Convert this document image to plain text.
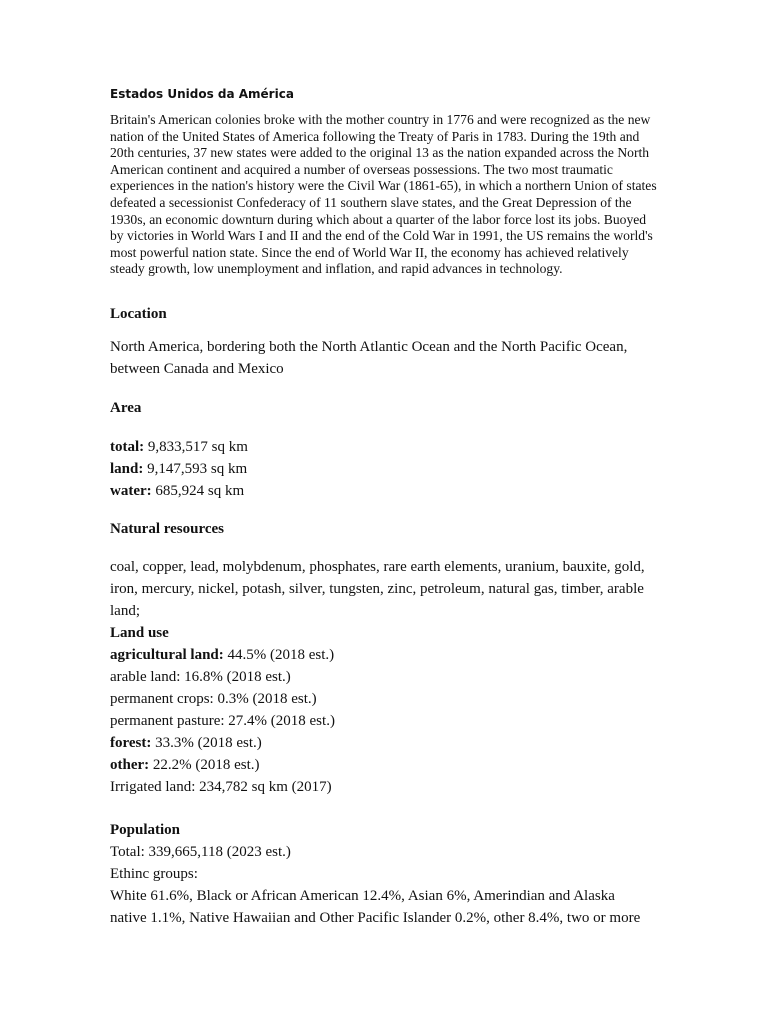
Estados Unidos da América

Britain's American colonies broke with the mother country in 1776 and were recognized as the new nation of the United States of America following the Treaty of Paris in 1783. During the 19th and 20th centuries, 37 new states were added to the original 13 as the nation expanded across the North American continent and acquired a number of overseas possessions. The two most traumatic experiences in the nation's history were the Civil War (1861-65), in which a northern Union of states defeated a secessionist Confederacy of 11 southern slave states, and the Great Depression of the 1930s, an economic downturn during which about a quarter of the labor force lost its jobs. Buoyed by victories in World Wars I and II and the end of the Cold War in 1991, the US remains the world's most powerful nation state. Since the end of World War II, the economy has achieved relatively steady growth, low unemployment and inflation, and rapid advances in technology.

Location

North America, bordering both the North Atlantic Ocean and the North Pacific Ocean, between Canada and Mexico

Area
total: 9,833,517 sq km
land: 9,147,593 sq km
water: 685,924 sq km
Natural resources

coal, copper, lead, molybdenum, phosphates, rare earth elements, uranium, bauxite, gold, iron, mercury, nickel, potash, silver, tungsten, zinc, petroleum, natural gas, timber, arable land;

Land use
agricultural land: 44.5% (2018 est.)
arable land: 16.8% (2018 est.)
permanent crops: 0.3% (2018 est.)
permanent pasture: 27.4% (2018 est.)
forest: 33.3% (2018 est.)
other: 22.2% (2018 est.)
Irrigated land: 234,782 sq km (2017)
Population
Total: 339,665,118 (2023 est.)
Ethinc groups:
White 61.6%, Black or African American 12.4%, Asian 6%, Amerindian and Alaska
native 1.1%, Native Hawaiian and Other Pacific Islander 0.2%, other 8.4%, two or more
